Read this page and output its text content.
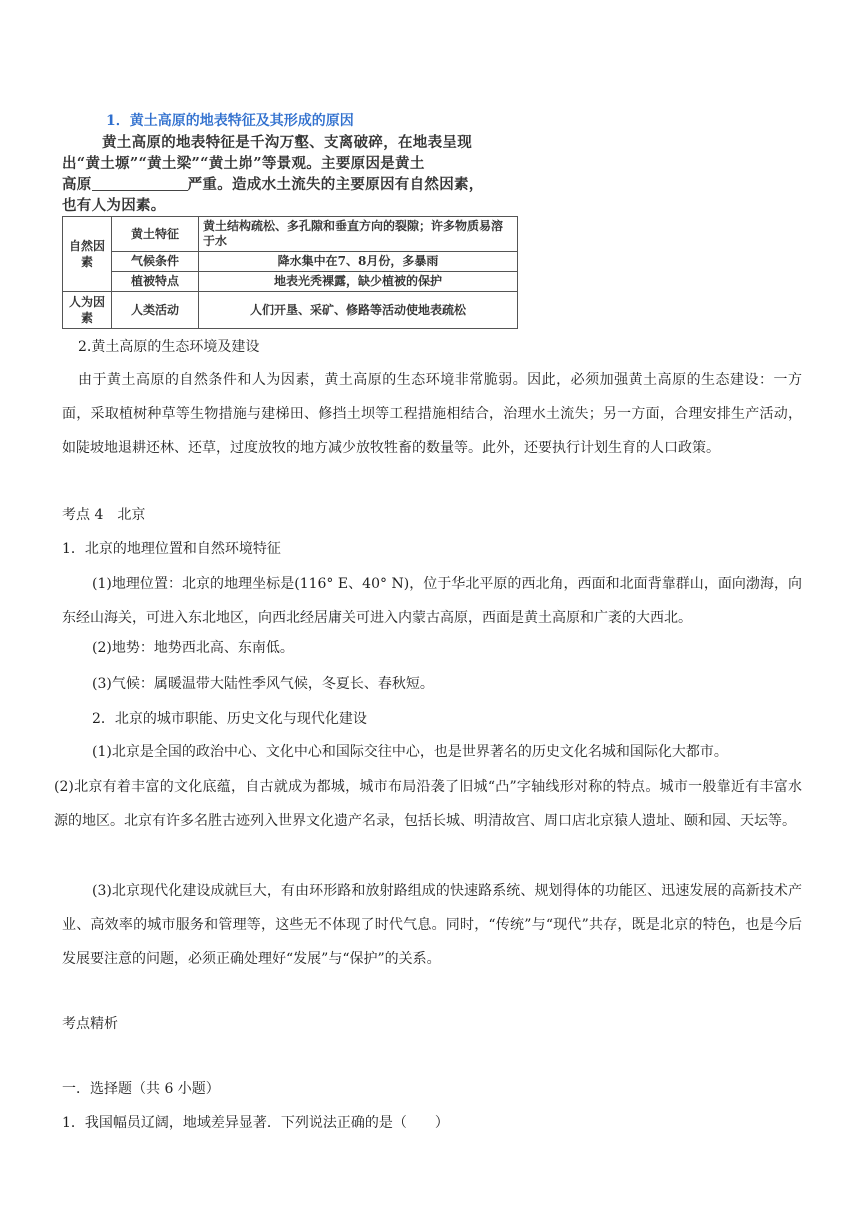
1．黄土高原的地表特征及其形成的原因
黄土高原的地表特征是千沟万壑、支离破碎，在地表呈现
出“黄土塬”“黄土梁”“黄土峁”等景观。主要原因是黄土
高原	严重。造成水土流失的主要原因有自然因素，
也有人为因素。
自然因素	黄土特征	黄土结构疏松、多孔隙和垂直方向的裂隙；许多物质易溶于水
	气候条件	降水集中在7、8月份，多暴雨
	植被特点	地表光秃裸露，缺少植被的保护
人为因素	人类活动	人们开垦、采矿、修路等活动使地表疏松
2.黄土高原的生态环境及建设
由于黄土高原的自然条件和人为因素，黄土高原的生态环境非常脆弱。因此，必须加强黄土高原的生态建设：一方面，采取植树种草等生物措施与建梯田、修挡土坝等工程措施相结合，治理水土流失；另一方面，合理安排生产活动，如陡坡地退耕还林、还草，过度放牧的地方减少放牧牲畜的数量等。此外，还要执行计划生育的人口政策。
考点 4　北京
1．北京的地理位置和自然环境特征
(1)地理位置：北京的地理坐标是(116° E、40° N)，位于华北平原的西北角，西面和北面背靠群山，面向渤海，向东经山海关，可进入东北地区，向西北经居庸关可进入内蒙古高原，西面是黄土高原和广袤的大西北。
(2)地势：地势西北高、东南低。
(3)气候：属暖温带大陆性季风气候，冬夏长、春秋短。
2．北京的城市职能、历史文化与现代化建设
(1)北京是全国的政治中心、文化中心和国际交往中心，也是世界著名的历史文化名城和国际化大都市。
(2)北京有着丰富的文化底蕴，自古就成为都城，城市布局沿袭了旧城“凸”字轴线形对称的特点。城市一般靠近有丰富水源的地区。北京有许多名胜古迹列入世界文化遗产名录，包括长城、明清故宫、周口店北京猿人遗址、颐和园、天坛等。
(3)北京现代化建设成就巨大，有由环形路和放射路组成的快速路系统、规划得体的功能区、迅速发展的高新技术产业、高效率的城市服务和管理等，这些无不体现了时代气息。同时，“传统”与“现代”共存，既是北京的特色，也是今后发展要注意的问题，必须正确处理好“发展”与“保护”的关系。
考点精析
一．选择题（共 6 小题）
1．我国幅员辽阔，地域差异显著．下列说法正确的是（　　）
